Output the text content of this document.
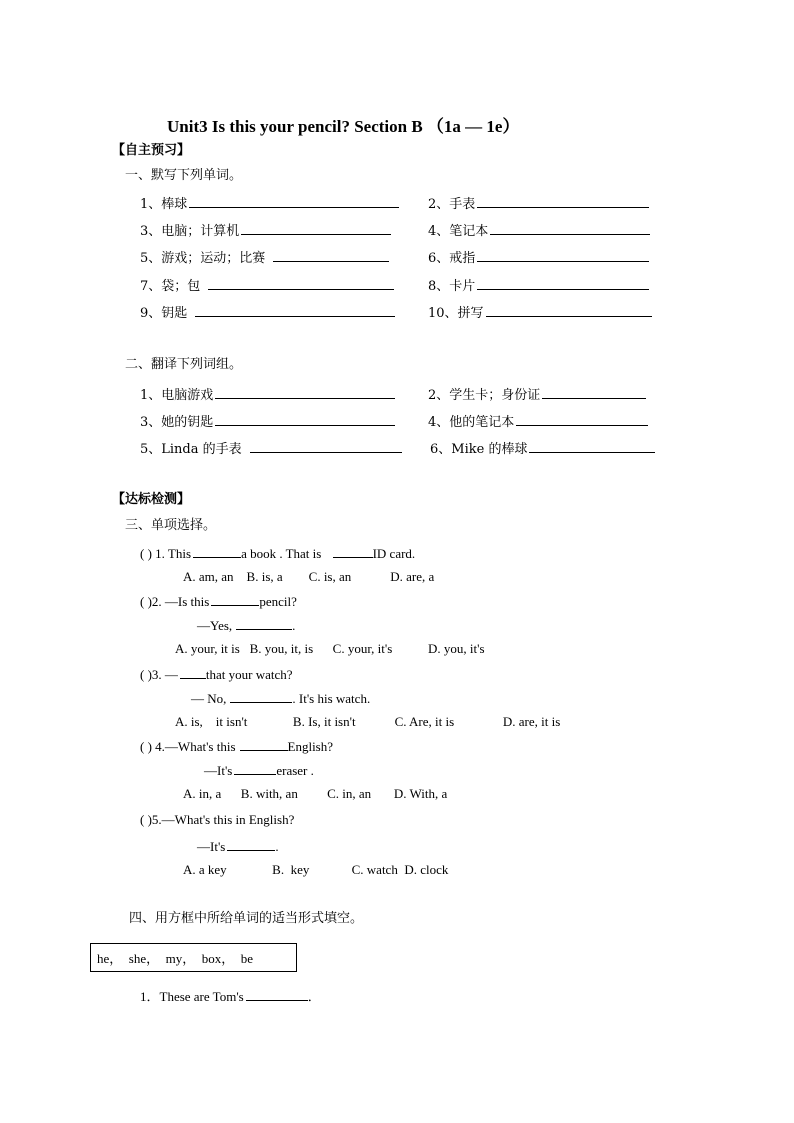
Unit3 Is this your pencil? Section B （1a — 1e）
【自主预习】
一、默写下列单词。
1、棒球	2、手表
3、电脑；计算机	4、笔记本
5、游戏；运动；比赛	6、戒指
7、袋；包	8、卡片
9、钥匙	10、拼写
二、翻译下列词组。
1、电脑游戏	2、学生卡；身份证
3、她的钥匙	4、他的笔记本
5、Linda 的手表	6、Mike 的棒球
【达标检测】
三、单项选择。
( ) 1. This	a book . That is	ID card.
A. am, an    B. is, a        C. is, an            D. are, a
( )2. —Is this	pencil?
—Yes,	.
A. your, it is   B. you, it, is      C. your, it's           D. you, it's
( )3. — that your watch?
— No,	. It's his watch.
A. is,    it isn't              B. Is, it isn't            C. Are, it is               D. are, it is
( ) 4.—What's this	English?
—It's	eraser .
A. in, a      B. with, an         C. in, an       D. With, a
( )5.—What's this in English?
—It's	.
A. a key              B.  key             C. watch  D. clock
四、用方框中所给单词的适当形式填空。
he，  she，  my，  box，  be
1．These are Tom's	．
